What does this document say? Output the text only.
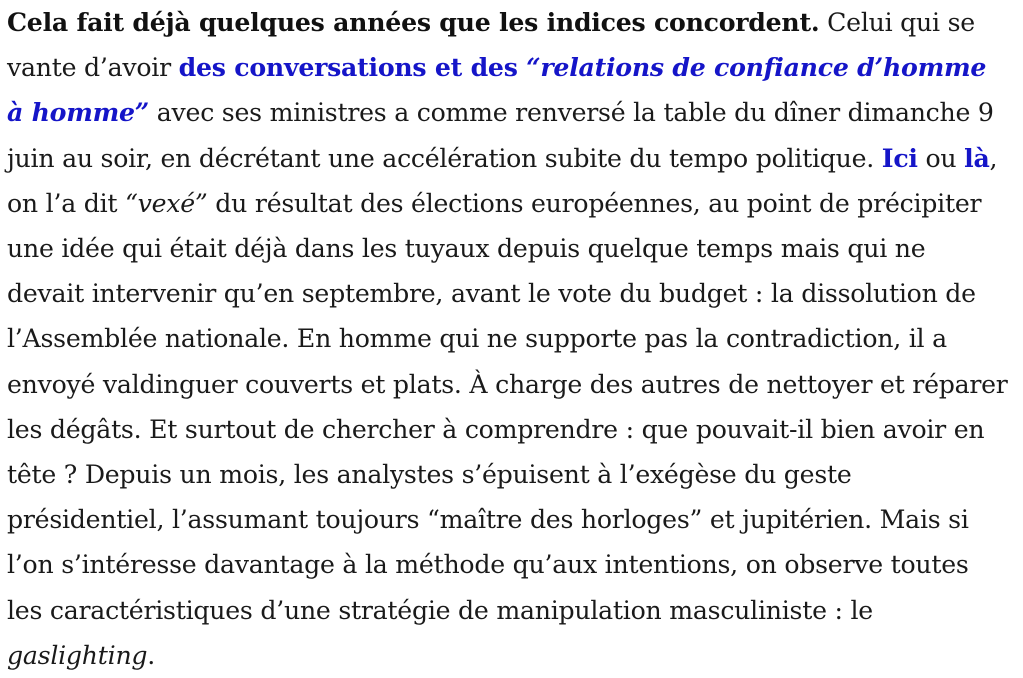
Cela fait déjà quelques années que les indices concordent. Celui qui se vante d’avoir des conversations et des “relations de confiance d’homme à homme” avec ses ministres a comme renversé la table du dîner dimanche 9 juin au soir, en décrétant une accélération subite du tempo politique. Ici ou là, on l’a dit “vexé” du résultat des élections européennes, au point de précipiter une idée qui était déjà dans les tuyaux depuis quelque temps mais qui ne devait intervenir qu’en septembre, avant le vote du budget : la dissolution de l’Assemblée nationale. En homme qui ne supporte pas la contradiction, il a envoyé valdinguer couverts et plats. À charge des autres de nettoyer et réparer les dégâts. Et surtout de chercher à comprendre : que pouvait-il bien avoir en tête ? Depuis un mois, les analystes s’épuisent à l’exégèse du geste présidentiel, l’assumant toujours “maître des horloges” et jupitérien. Mais si l’on s’intéresse davantage à la méthode qu’aux intentions, on observe toutes les caractéristiques d’une stratégie de manipulation masculiniste : le gaslighting.
